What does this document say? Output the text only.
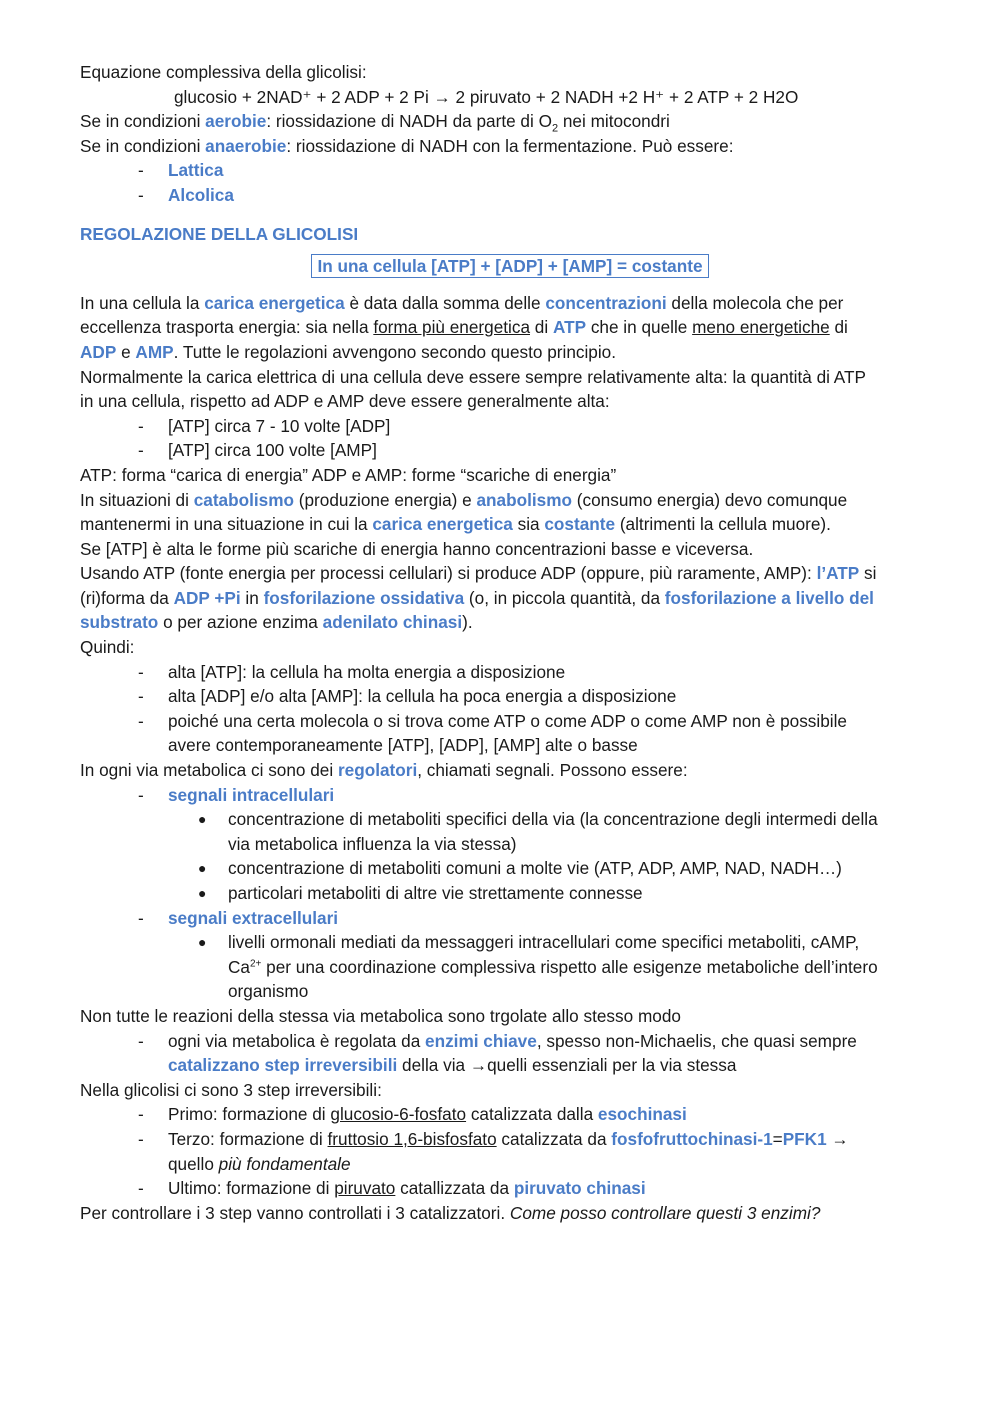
Equazione complessiva della glicolisi:

glucosio + 2NAD⁺ + 2 ADP + 2 Pi → 2 piruvato + 2 NADH +2 H⁺ + 2 ATP + 2 H2O

Se in condizioni aerobie: riossidazione di NADH da parte di $O_2$ nei mitocondri

Se in condizioni anaerobie: riossidazione di NADH con la fermentazione. Può essere:

-	Lattica
-	Alcolica

REGOLAZIONE DELLA GLICOLISI

In una cellula [ATP] + [ADP] + [AMP] = costante

In una cellula la carica energetica è data dalla somma delle concentrazioni della molecola che per
eccellenza trasporta energia: sia nella forma più energetica di ATP che in quelle meno energetiche di
ADP e AMP. Tutte le regolazioni avvengono secondo questo principio.

Normalmente la carica elettrica di una cellula deve essere sempre relativamente alta: la quantità di ATP
in una cellula, rispetto ad ADP e AMP deve essere generalmente alta:

-	[ATP] circa 7 - 10 volte [ADP]
-	[ATP] circa 100 volte [AMP]

ATP: forma “carica di energia” ADP e AMP: forme “scariche di energia”

In situazioni di catabolismo (produzione energia) e anabolismo (consumo energia) devo comunque
mantenermi in una situazione in cui la carica energetica sia costante (altrimenti la cellula muore).

Se [ATP] è alta le forme più scariche di energia hanno concentrazioni basse e viceversa.

Usando ATP (fonte energia per processi cellulari) si produce ADP (oppure, più raramente, AMP): l’ATP si
(ri)forma da ADP +Pi in fosforilazione ossidativa (o, in piccola quantità, da fosforilazione a livello del
substrato o per azione enzima adenilato chinasi).

Quindi:

-	alta [ATP]: la cellula ha molta energia a disposizione
-	alta [ADP] e/o alta [AMP]: la cellula ha poca energia a disposizione
-	poiché una certa molecola o si trova come ATP o come ADP o come AMP non è possibile
avere contemporaneamente [ATP], [ADP], [AMP] alte o basse

In ogni via metabolica ci sono dei regolatori, chiamati segnali. Possono essere:

-	segnali intracellulari
●	concentrazione di metaboliti specifici della via (la concentrazione degli intermedi della
via metabolica influenza la via stessa)
●	concentrazione di metaboliti comuni a molte vie (ATP, ADP, AMP, NAD, NADH…)
●	particolari metaboliti di altre vie strettamente connesse
-	segnali extracellulari
●	livelli ormonali mediati da messaggeri intracellulari come specifici metaboliti, cAMP,
$Ca^{2+}$ per una coordinazione complessiva rispetto alle esigenze metaboliche dell’intero
organismo

Non tutte le reazioni della stessa via metabolica sono trgolate allo stesso modo

-	ogni via metabolica è regolata da enzimi chiave, spesso non-Michaelis, che quasi sempre
catalizzano step irreversibili della via →quelli essenziali per la via stessa

Nella glicolisi ci sono 3 step irreversibili:

-	Primo: formazione di glucosio-6-fosfato catalizzata dalla esochinasi
-	Terzo: formazione di fruttosio 1,6-bisfosfato catalizzata da fosfofruttochinasi-1=PFK1 →
quello più fondamentale
-	Ultimo: formazione di piruvato catallizzata da piruvato chinasi

Per controllare i 3 step vanno controllati i 3 catalizzatori. Come posso controllare questi 3 enzimi?
